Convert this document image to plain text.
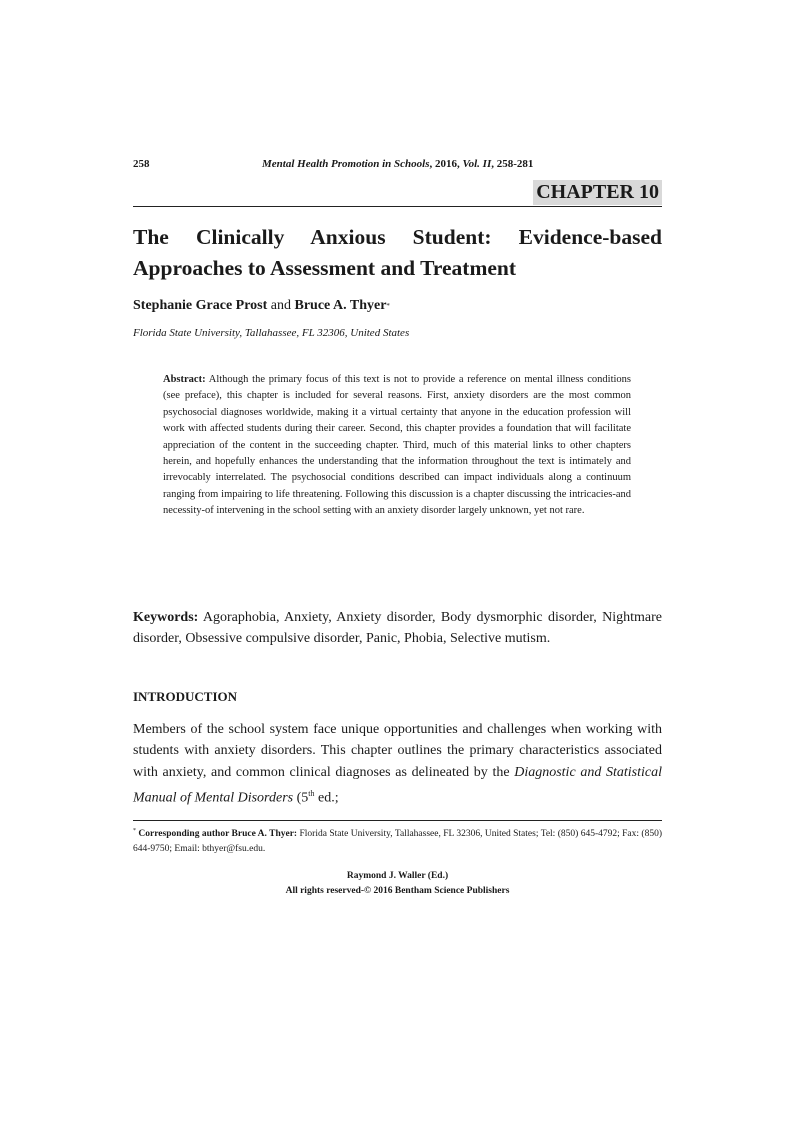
258	Mental Health Promotion in Schools, 2016, Vol. II, 258-281
CHAPTER 10
The Clinically Anxious Student: Evidence-based Approaches to Assessment and Treatment
Stephanie Grace Prost and Bruce A. Thyer*
Florida State University, Tallahassee, FL 32306, United States

Abstract: Although the primary focus of this text is not to provide a reference on mental illness conditions (see preface), this chapter is included for several reasons. First, anxiety disorders are the most common psychosocial diagnoses worldwide, making it a virtual certainty that anyone in the education profession will work with affected students during their career. Second, this chapter provides a foundation that will facilitate appreciation of the content in the succeeding chapter. Third, much of this material links to other chapters herein, and hopefully enhances the understanding that the information throughout the text is intimately and irrevocably interrelated. The psychosocial conditions described can impact individuals along a continuum ranging from impairing to life threatening. Following this discussion is a chapter discussing the intricacies-and necessity-of intervening in the school setting with an anxiety disorder largely unknown, yet not rare.

Keywords: Agoraphobia, Anxiety, Anxiety disorder, Body dysmorphic disorder, Nightmare disorder, Obsessive compulsive disorder, Panic, Phobia, Selective mutism.

INTRODUCTION

Members of the school system face unique opportunities and challenges when working with students with anxiety disorders. This chapter outlines the primary characteristics associated with anxiety, and common clinical diagnoses as delineated by the Diagnostic and Statistical Manual of Mental Disorders (5th ed.;

* Corresponding author Bruce A. Thyer: Florida State University, Tallahassee, FL 32306, United States; Tel: (850) 645-4792; Fax: (850) 644-9750; Email: bthyer@fsu.edu.

Raymond J. Waller (Ed.)
All rights reserved-© 2016 Bentham Science Publishers
